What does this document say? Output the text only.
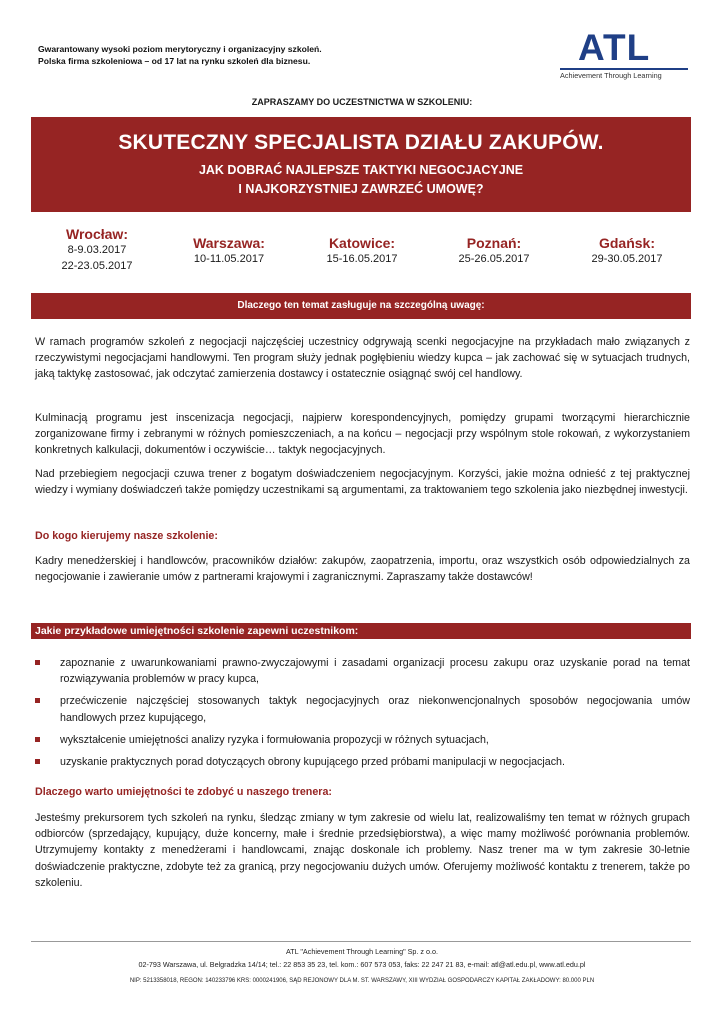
Gwarantowany wysoki poziom merytoryczny i organizacyjny szkoleń.
Polska firma szkoleniowa – od 17 lat na rynku szkoleń dla biznesu.	ATL
Achievement Through Learning
ZAPRASZAMY DO UCZESTNICTWA W SZKOLENIU:
SKUTECZNY SPECJALISTA DZIAŁU ZAKUPÓW.
JAK DOBRAĆ NAJLEPSZE TAKTYKI NEGOCJACYJNE
I NAJKORZYSTNIEJ ZAWRZEĆ UMOWĘ?
Wrocław:
8-9.03.2017
22-23.05.2017
Warszawa:
10-11.05.2017
Katowice:
15-16.05.2017
Poznań:
25-26.05.2017
Gdańsk:
29-30.05.2017
Dlaczego ten temat zasługuje na szczególną uwagę:
W ramach programów szkoleń z negocjacji najczęściej uczestnicy odgrywają scenki negocjacyjne na przykładach mało związanych z rzeczywistymi negocjacjami handlowymi. Ten program służy jednak pogłębieniu wiedzy kupca – jak zachować się w sytuacjach trudnych, jaką taktykę zastosować, jak odczytać zamierzenia dostawcy i ostatecznie osiągnąć swój cel handlowy.
Kulminacją programu jest inscenizacja negocjacji, najpierw korespondencyjnych, pomiędzy grupami tworzącymi hierarchicznie zorganizowane firmy i zebranymi w różnych pomieszczeniach, a na końcu – negocjacji przy wspólnym stole rokowań, z wykorzystaniem konkretnych kalkulacji, dokumentów i oczywiście… taktyk negocjacyjnych.
Nad przebiegiem negocjacji czuwa trener z bogatym doświadczeniem negocjacyjnym. Korzyści, jakie można odnieść z tej praktycznej wiedzy i wymiany doświadczeń także pomiędzy uczestnikami są argumentami, za traktowaniem tego szkolenia jako niezbędnej inwestycji.
Do kogo kierujemy nasze szkolenie:
Kadry menedżerskiej i handlowców, pracowników działów: zakupów, zaopatrzenia, importu, oraz wszystkich osób odpowiedzialnych za negocjowanie i zawieranie umów z partnerami krajowymi i zagranicznymi. Zapraszamy także dostawców!
Jakie przykładowe umiejętności szkolenie zapewni uczestnikom:
zapoznanie z uwarunkowaniami prawno-zwyczajowymi i zasadami organizacji procesu zakupu oraz uzyskanie porad na temat rozwiązywania problemów w pracy kupca,
przećwiczenie najczęściej stosowanych taktyk negocjacyjnych oraz niekonwencjonalnych sposobów negocjowania umów handlowych przez kupującego,
wykształcenie umiejętności analizy ryzyka i formułowania propozycji w różnych sytuacjach,
uzyskanie praktycznych porad dotyczących obrony kupującego przed próbami manipulacji w negocjacjach.
Dlaczego warto umiejętności te zdobyć u naszego trenera:
Jesteśmy prekursorem tych szkoleń na rynku, śledząc zmiany w tym zakresie od wielu lat, realizowaliśmy ten temat w różnych grupach odbiorców (sprzedający, kupujący, duże koncerny, małe i średnie przedsiębiorstwa), a więc mamy możliwość porównania problemów. Utrzymujemy kontakty z menedżerami i handlowcami, znając doskonale ich problemy. Nasz trener ma w tym zakresie 30-letnie doświadczenie praktyczne, zdobyte też za granicą, przy negocjowaniu dużych umów. Oferujemy możliwość kontaktu z trenerem, także po szkoleniu.
ATL "Achievement Through Learning" Sp. z o.o.
02-793 Warszawa, ul. Belgradzka 14/14; tel.: 22 853 35 23, tel. kom.: 607 573 053, faks: 22 247 21 83, e-mail: atl@atl.edu.pl, www.atl.edu.pl
NIP: 5213358018, REGON: 140233796 KRS: 0000241906, SĄD REJONOWY DLA M. ST. WARSZAWY, XIII WYDZIAŁ GOSPODARCZY KAPITAŁ ZAKŁADOWY: 80.000 PLN
